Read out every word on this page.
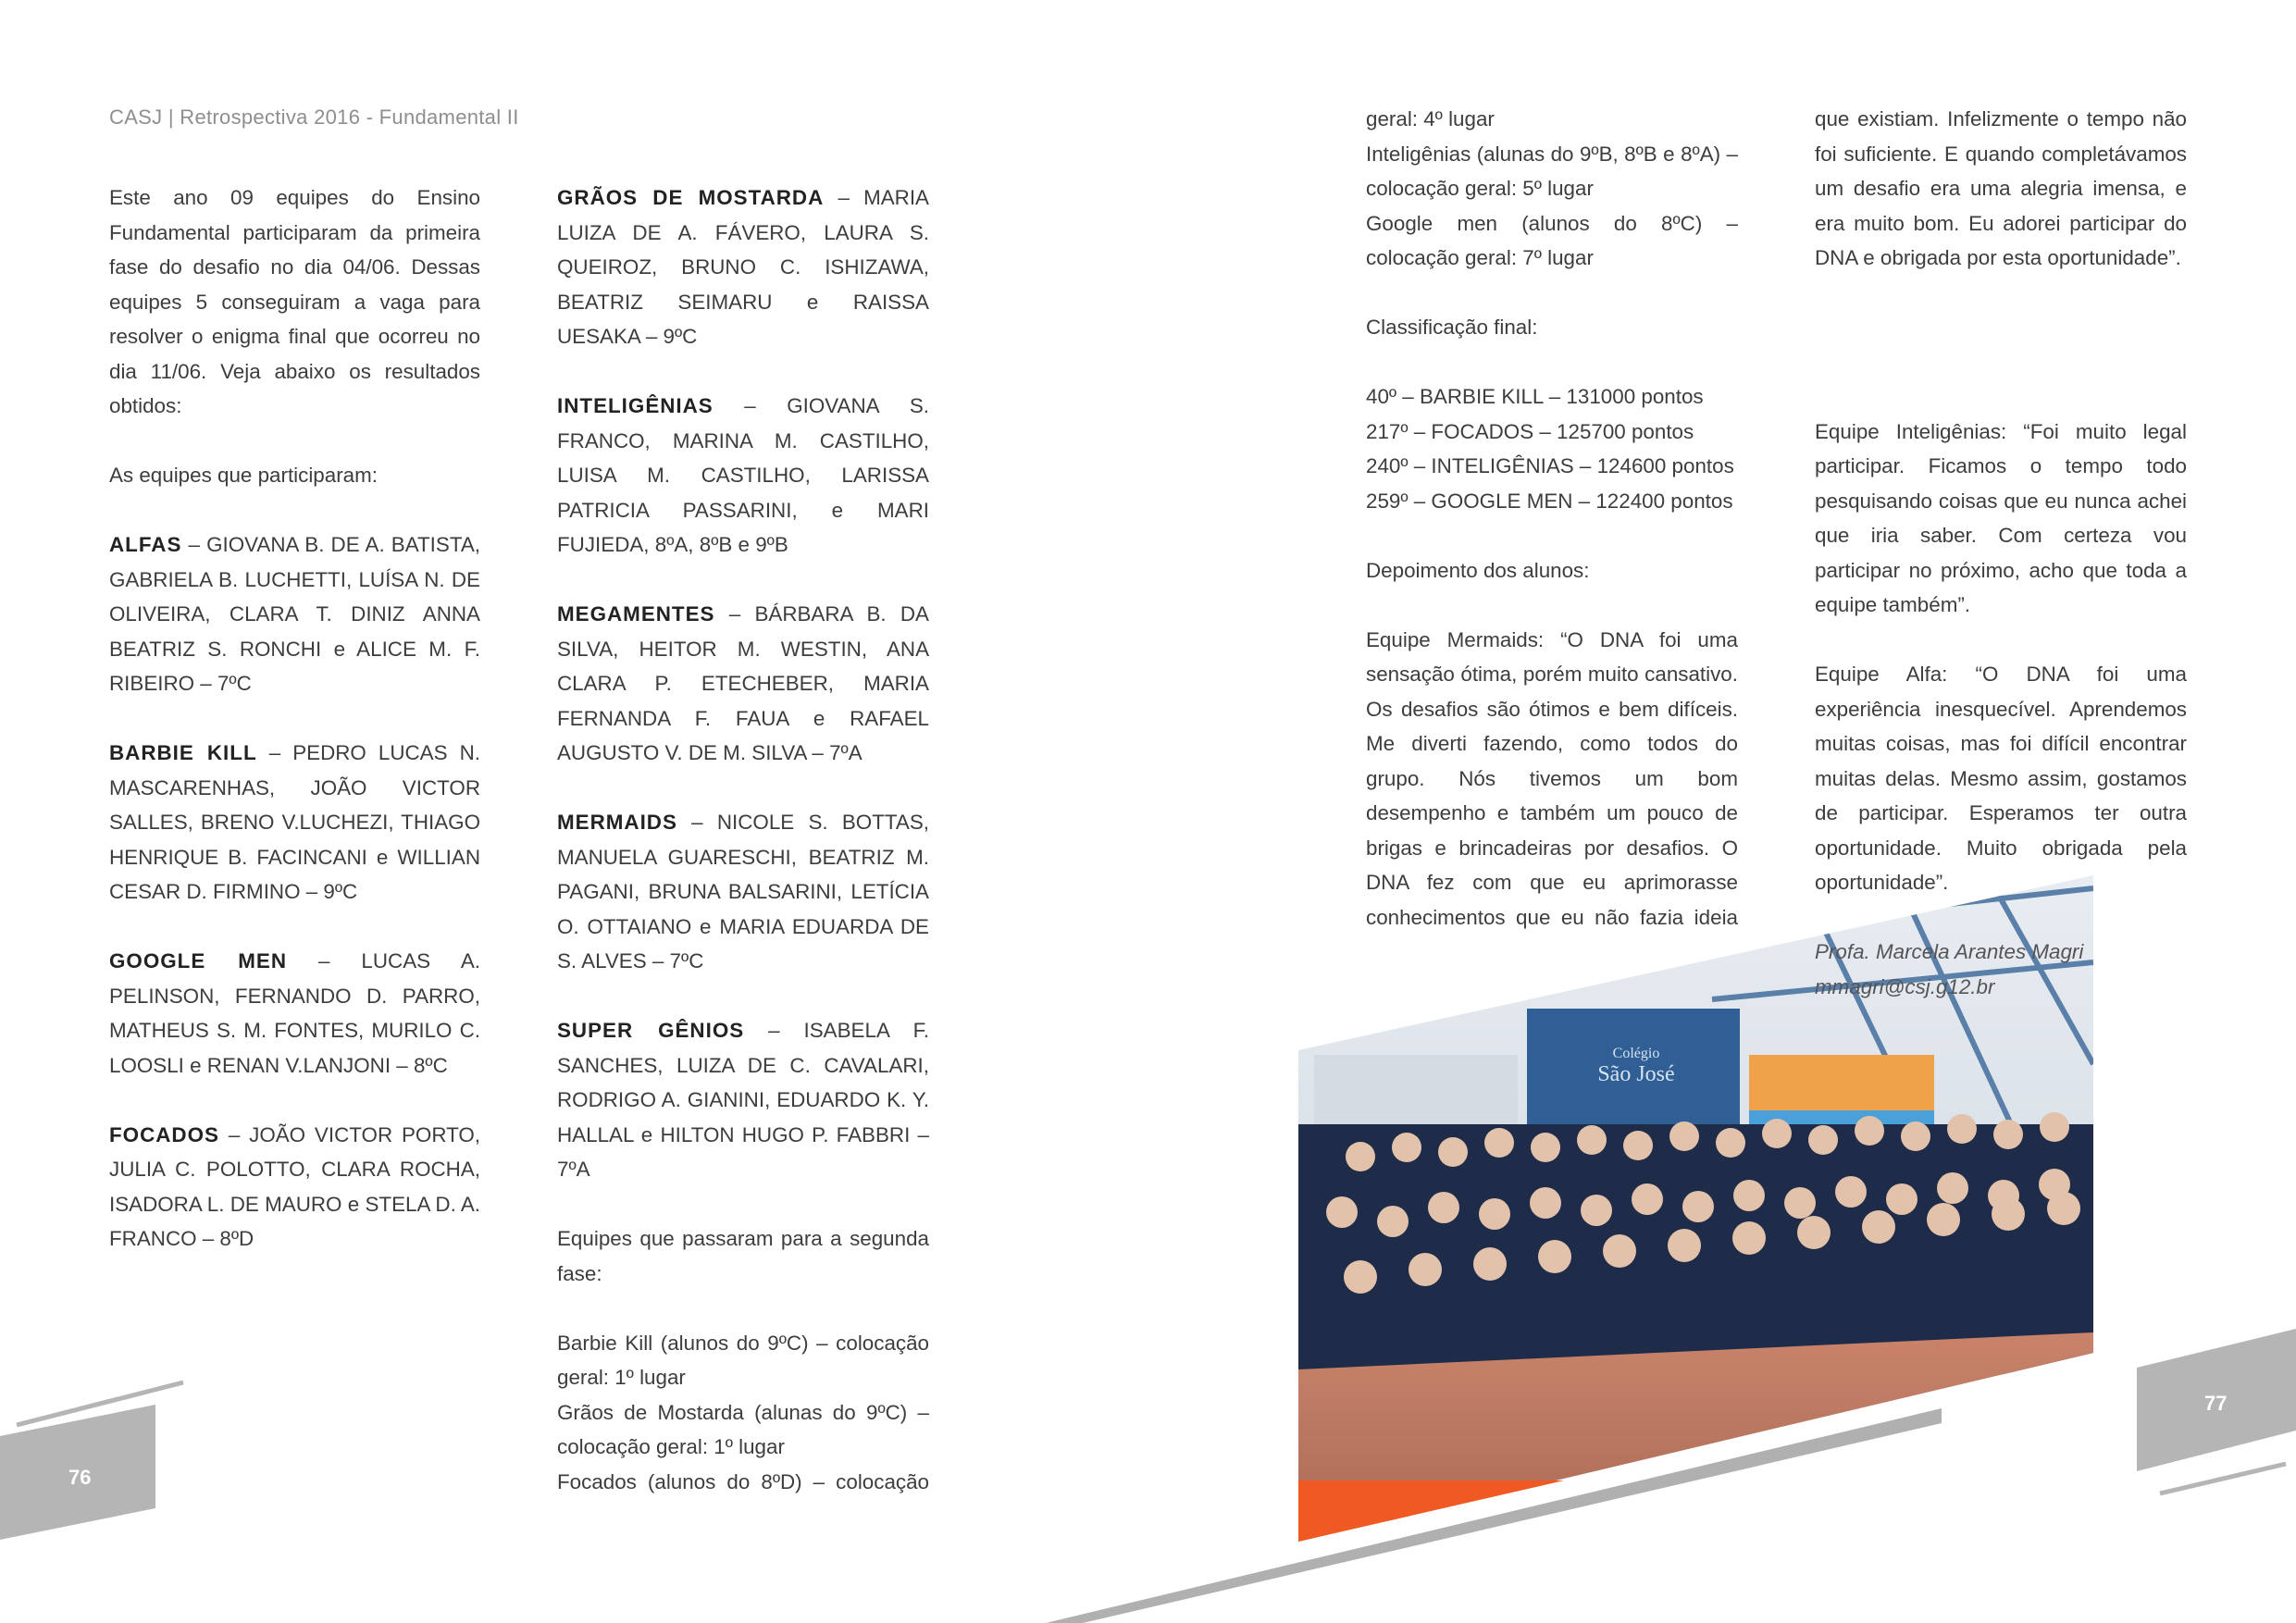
Colégio
São José
CASJ | Retrospectiva 2016 - Fundamental II

Este ano 09 equipes do Ensino Fundamental participaram da primeira fase do desafio no dia 04/06. Dessas equipes 5 conseguiram a vaga para resolver o enigma final que ocorreu no dia 11/06. Veja abaixo os resultados obtidos:

As equipes que participaram:

ALFAS – GIOVANA B. DE A. BATISTA, GABRIELA B. LUCHETTI, LUÍSA N. DE OLIVEIRA, CLARA T. DINIZ ANNA BEATRIZ S. RONCHI e ALICE M. F. RIBEIRO – 7ºC

BARBIE KILL – PEDRO LUCAS N. MASCARENHAS, JOÃO VICTOR SALLES, BRENO V.LUCHEZI, THIAGO HENRIQUE B. FACINCANI e WILLIAN CESAR D. FIRMINO – 9ºC

GOOGLE MEN – LUCAS A. PELINSON, FERNANDO D. PARRO, MATHEUS S. M. FONTES, MURILO C. LOOSLI e RENAN V.LANJONI – 8ºC

FOCADOS – JOÃO VICTOR PORTO, JULIA C. POLOTTO, CLARA ROCHA, ISADORA L. DE MAURO e STELA D. A. FRANCO – 8ºD

GRÃOS DE MOSTARDA – MARIA LUIZA DE A. FÁVERO, LAURA S. QUEIROZ, BRUNO C. ISHIZAWA, BEATRIZ SEIMARU e RAISSA UESAKA – 9ºC

INTELIGÊNIAS – GIOVANA S. FRANCO, MARINA M. CASTILHO, LUISA M. CASTILHO, LARISSA PATRICIA PASSARINI, e MARI FUJIEDA, 8ºA, 8ºB e 9ºB

MEGAMENTES – BÁRBARA B. DA SILVA, HEITOR M. WESTIN, ANA CLARA P. ETECHEBER, MARIA FERNANDA F. FAUA e RAFAEL AUGUSTO V. DE M. SILVA – 7ºA

MERMAIDS – NICOLE S. BOTTAS, MANUELA GUARESCHI, BEATRIZ M. PAGANI, BRUNA BALSARINI, LETÍCIA O. OTTAIANO e MARIA EDUARDA DE S. ALVES – 7ºC

SUPER GÊNIOS – ISABELA F. SANCHES, LUIZA DE C. CAVALARI, RODRIGO A. GIANINI, EDUARDO K. Y. HALLAL e HILTON HUGO P. FABBRI – 7ºA

Equipes que passaram para a segunda fase:

Barbie Kill (alunos do 9ºC) – colocação geral: 1º lugar

Grãos de Mostarda (alunas do 9ºC) – colocação geral: 1º lugar

Focados (alunos do 8ºD) – colocação

geral: 4º lugar

Inteligênias (alunas do 9ºB, 8ºB e 8ºA) – colocação geral: 5º lugar

Google men (alunos do 8ºC) – colocação geral: 7º lugar

Classificação final:

40º – BARBIE KILL – 131000 pontos
217º – FOCADOS – 125700 pontos
240º – INTELIGÊNIAS – 124600 pontos
259º – GOOGLE MEN – 122400 pontos

Depoimento dos alunos:

Equipe Mermaids: “O DNA foi uma sensação ótima, porém muito cansativo. Os desafios são ótimos e bem difíceis. Me diverti fazendo, como todos do grupo. Nós tivemos um bom desempenho e também um pouco de brigas e brincadeiras por desafios. O DNA fez com que eu aprimorasse conhecimentos que eu não fazia ideia

que existiam. Infelizmente o tempo não foi suficiente. E quando completávamos um desafio era uma alegria imensa, e era muito bom. Eu adorei participar do DNA e obrigada por esta oportunidade”.

Equipe Inteligênias: “Foi muito legal participar. Ficamos o tempo todo pesquisando coisas que eu nunca achei que iria saber. Com certeza vou participar no próximo, acho que toda a equipe também”.

Equipe Alfa: “O DNA foi uma experiência inesquecível. Aprendemos muitas coisas, mas foi difícil encontrar muitas delas. Mesmo assim, gostamos de participar. Esperamos ter outra oportunidade. Muito obrigada pela oportunidade”.

Profa. Marcela Arantes Magri
mmagri@csj.g12.br
76
77
